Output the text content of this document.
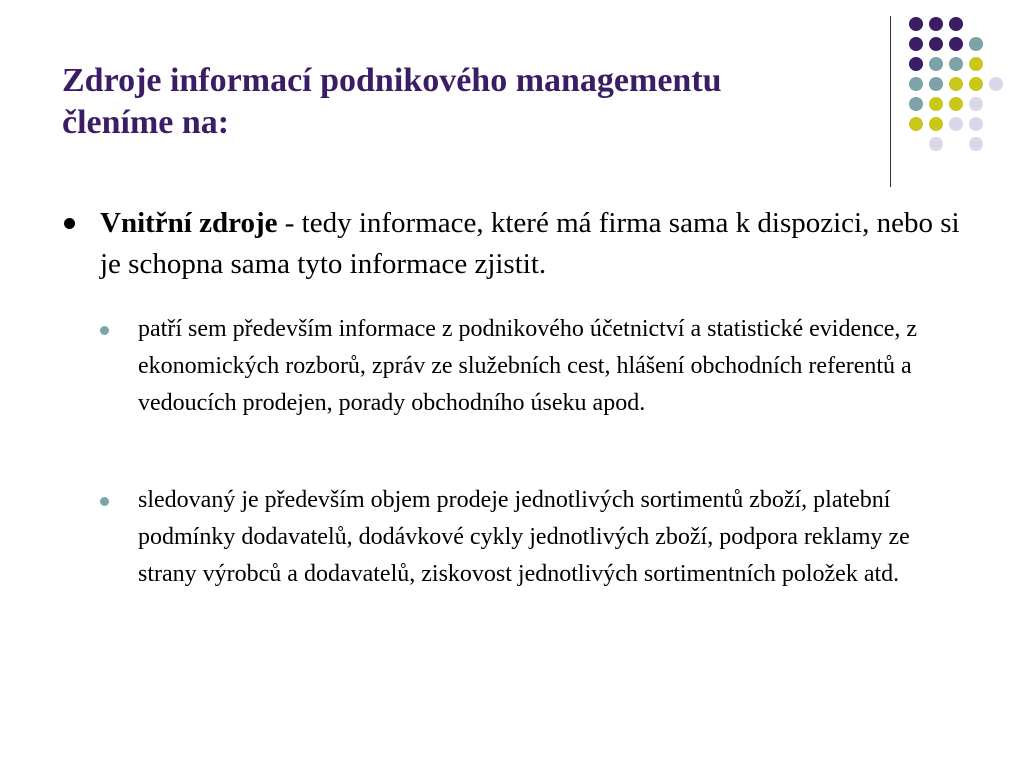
Zdroje informací podnikového managementu
členíme na:
Vnitřní zdroje - tedy informace, které má firma sama k dispozici, nebo si je schopna sama tyto informace zjistit.
patří sem především informace z podnikového účetnictví a statistické evidence, z ekonomických rozborů, zpráv ze služebních cest, hlášení obchodních referentů a vedoucích prodejen, porady obchodního úseku apod.
sledovaný je především objem prodeje jednotlivých sortimentů zboží, platební podmínky dodavatelů, dodávkové cykly jednotlivých zboží, podpora reklamy ze strany výrobců a dodavatelů, ziskovost jednotlivých sortimentních položek atd.
